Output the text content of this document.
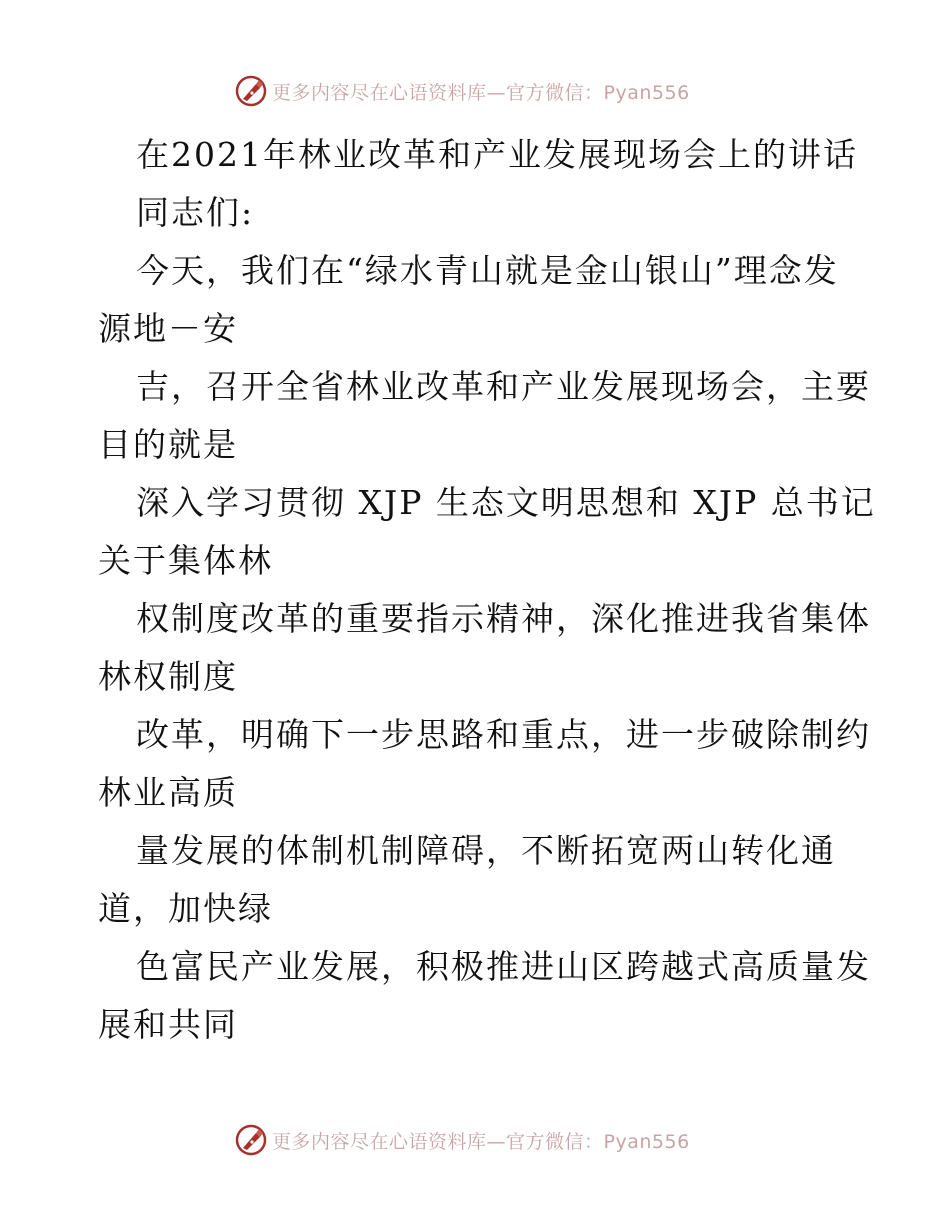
更多内容尽在心语资料库—官方微信：Pyan556

在2021年林业改革和产业发展现场会上的讲话

同志们:

今天，我们在“绿水青山就是金山银山”理念发

源地－安

吉，召开全省林业改革和产业发展现场会，主要

目的就是

深入学习贯彻 XJP 生态文明思想和 XJP 总书记

关于集体林

权制度改革的重要指示精神，深化推进我省集体

林权制度

改革，明确下一步思路和重点，进一步破除制约

林业高质

量发展的体制机制障碍，不断拓宽两山转化通

道，加快绿

色富民产业发展，积极推进山区跨越式高质量发

展和共同

更多内容尽在心语资料库—官方微信：Pyan556
